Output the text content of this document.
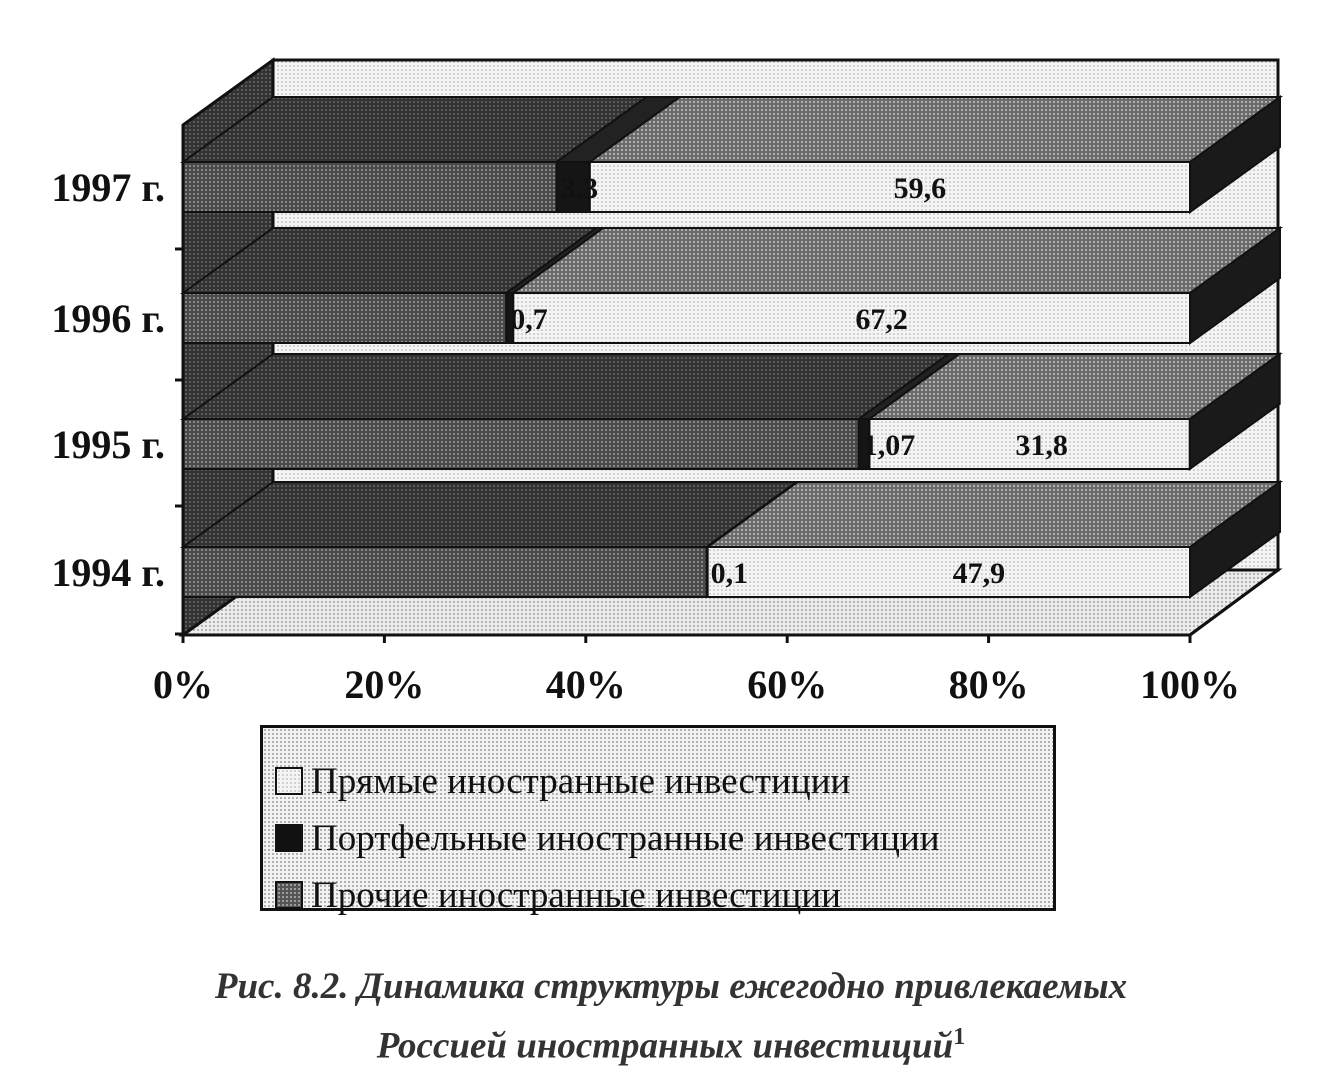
3,3	59,6
0,7	67,2
1,07	31,8
0,1	47,9
1994 г.
1995 г.
1996 г.
1997 г.
0%	20%	40%	60%	80%	100%
Прямые иностранные инвестиции
Портфельные иностранные инвестиции
Прочие иностранные инвестиции
Рис. 8.2. Динамика структуры ежегодно привлекаемых
Россией иностранных инвестиций$^1$
